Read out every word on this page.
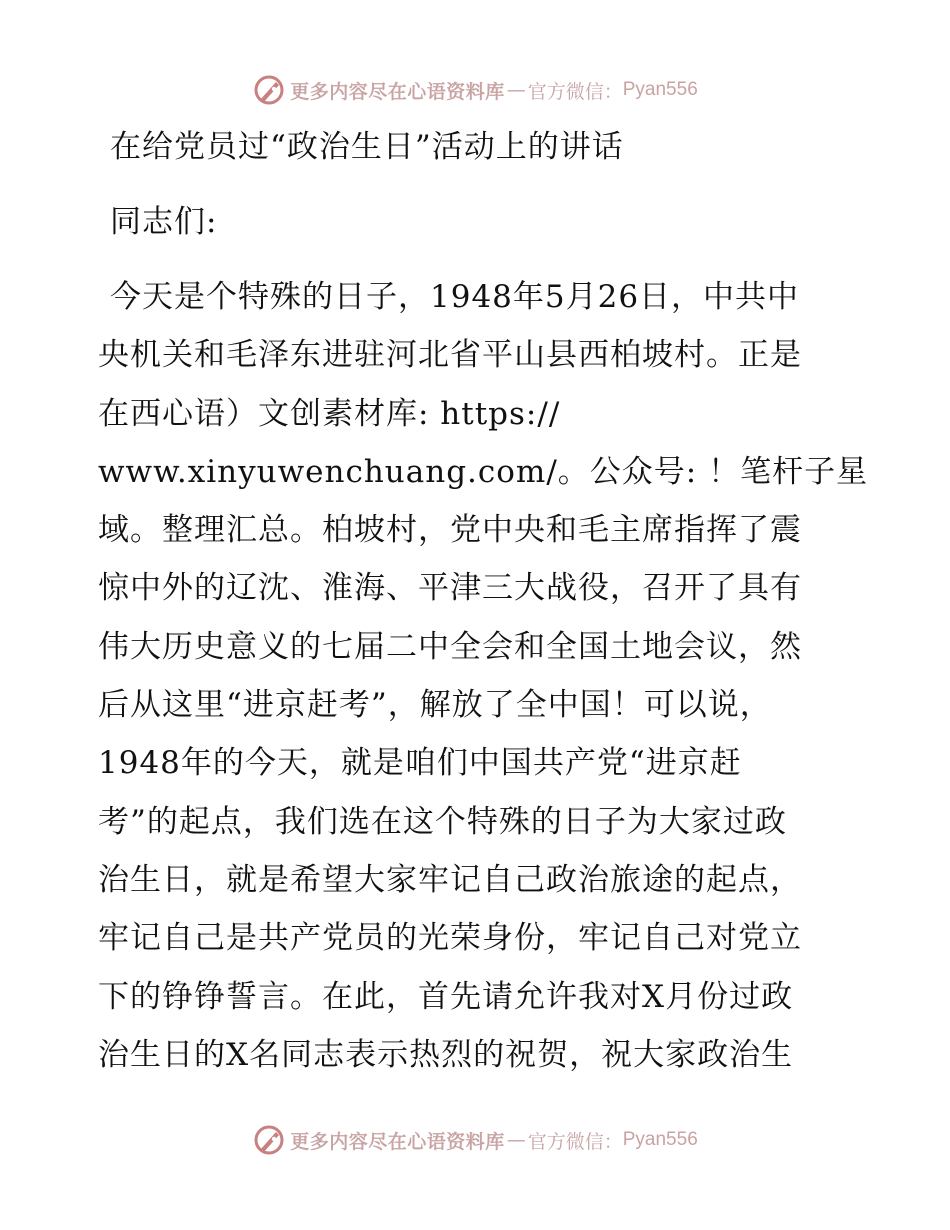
更多内容尽在心语资料库 — 官方微信： Pyan556
在给党员过“政治生日”活动上的讲话
同志们:
今天是个特殊的日子，1948年5月26日，中共中
央机关和毛泽东进驻河北省平山县西柏坡村。正是
在西心语）文创素材库: https://
www.xinyuwenchuang.com/。公众号: ！笔杆子星
域。整理汇总。柏坡村，党中央和毛主席指挥了震
惊中外的辽沈、淮海、平津三大战役，召开了具有
伟大历史意义的七届二中全会和全国土地会议，然
后从这里“进京赶考”，解放了全中国！可以说，
1948年的今天，就是咱们中国共产党“进京赶
考”的起点，我们选在这个特殊的日子为大家过政
治生日，就是希望大家牢记自己政治旅途的起点，
牢记自己是共产党员的光荣身份，牢记自己对党立
下的铮铮誓言。在此，首先请允许我对X月份过政
治生日的X名同志表示热烈的祝贺，祝大家政治生
更多内容尽在心语资料库 — 官方微信： Pyan556
